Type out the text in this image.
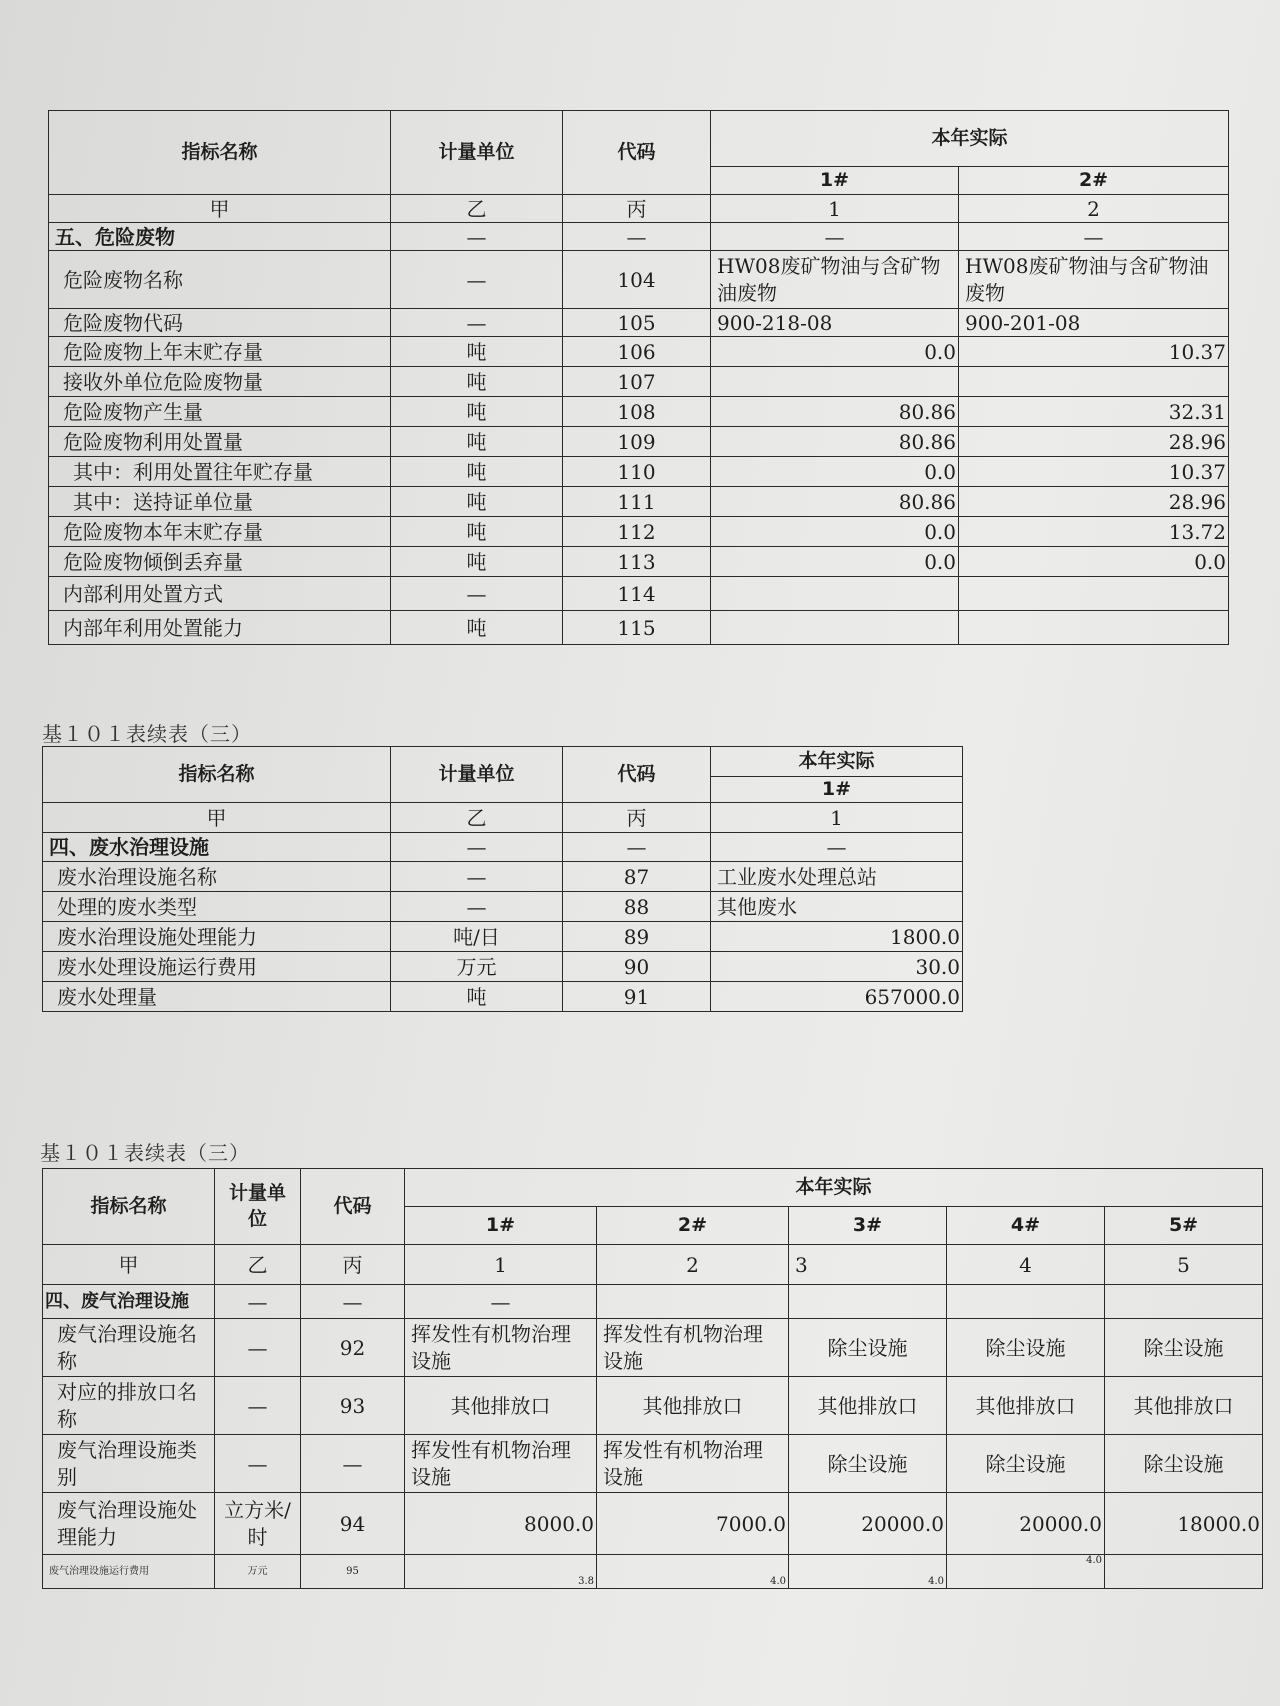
指标名称	计量单位	代码	本年实际	
			1#	2#
甲	乙	丙	1	2
五、危险废物	—	—	—	—
危险废物名称	—	104	HW08废矿物油与含矿物油废物	HW08废矿物油与含矿物油废物
危险废物代码	—	105	900-218-08	900-201-08
危险废物上年末贮存量	吨	106	0.0	10.37
接收外单位危险废物量	吨	107		
危险废物产生量	吨	108	80.86	32.31
危险废物利用处置量	吨	109	80.86	28.96
其中：利用处置往年贮存量	吨	110	0.0	10.37
其中：送持证单位量	吨	111	80.86	28.96
危险废物本年末贮存量	吨	112	0.0	13.72
危险废物倾倒丢弃量	吨	113	0.0	0.0
内部利用处置方式	—	114		
内部年利用处置能力	吨	115		
基１０１表续表（三）
指标名称	计量单位	代码	本年实际
			1#
甲	乙	丙	1
四、废水治理设施	—	—	—
废水治理设施名称	—	87	工业废水处理总站
处理的废水类型	—	88	其他废水
废水治理设施处理能力	吨/日	89	1800.0
废水处理设施运行费用	万元	90	30.0
废水处理量	吨	91	657000.0
基１０１表续表（三）
指标名称	计量单位	代码	本年实际				
			1#	2#	3#	4#	5#
甲	乙	丙	1	2	3	4	5
四、废气治理设施	—	—	—				
废气治理设施名称	—	92	挥发性有机物治理设施	挥发性有机物治理设施	除尘设施	除尘设施	除尘设施
对应的排放口名称	—	93	其他排放口	其他排放口	其他排放口	其他排放口	其他排放口
废气治理设施类别	—	—	挥发性有机物治理设施	挥发性有机物治理设施	除尘设施	除尘设施	除尘设施
废气治理设施处理能力	立方米/时	94	8000.0	7000.0	20000.0	20000.0	18000.0
废气治理设施运行费用	万元	95	3.8	4.0	4.0	4.0	
